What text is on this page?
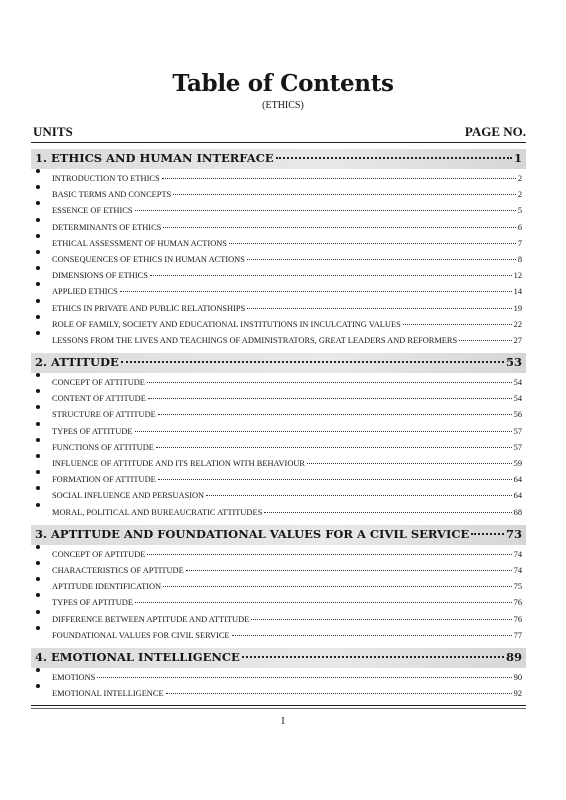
Table of Contents
(ETHICS)
UNITS	PAGE NO.
1. ETHICS AND HUMAN INTERFACE	1
INTRODUCTION TO ETHICS	2
BASIC TERMS AND CONCEPTS	2
ESSENCE OF ETHICS	5
DETERMINANTS OF ETHICS	6
ETHICAL ASSESSMENT OF HUMAN ACTIONS	7
CONSEQUENCES OF ETHICS IN HUMAN ACTIONS	8
DIMENSIONS OF ETHICS	12
APPLIED ETHICS	14
ETHICS IN PRIVATE AND PUBLIC RELATIONSHIPS	19
ROLE OF FAMILY, SOCIETY AND EDUCATIONAL INSTITUTIONS IN INCULCATING VALUES	22
LESSONS FROM THE LIVES AND TEACHINGS OF ADMINISTRATORS, GREAT LEADERS AND REFORMERS	27
2. ATTITUDE	53
CONCEPT OF ATTITUDE	54
CONTENT OF ATTITUDE	54
STRUCTURE OF ATTITUDE	56
TYPES OF ATTITUDE	57
FUNCTIONS OF ATTITUDE	57
INFLUENCE OF ATTITUDE AND ITS RELATION WITH BEHAVIOUR	59
FORMATION OF ATTITUDE	64
SOCIAL INFLUENCE AND PERSUASION	64
MORAL, POLITICAL AND BUREAUCRATIC ATTITUDES	68
3. APTITUDE AND FOUNDATIONAL VALUES FOR A CIVIL SERVICE	73
CONCEPT OF APTITUDE	74
CHARACTERISTICS OF APTITUDE	74
APTITUDE IDENTIFICATION	75
TYPES OF APTITUDE	76
DIFFERENCE BETWEEN APTITUDE AND ATTITUDE	76
FOUNDATIONAL VALUES FOR CIVIL SERVICE	77
4. EMOTIONAL INTELLIGENCE	89
EMOTIONS	90
EMOTIONAL INTELLIGENCE	92
I
